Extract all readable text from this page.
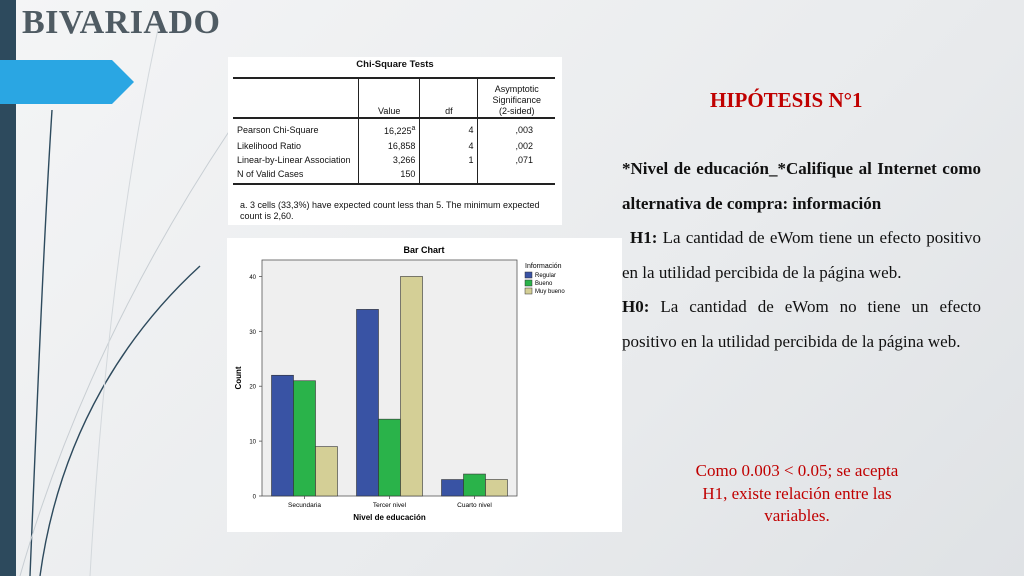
BIVARIADO
Chi-Square Tests
	Value	df	Asymptotic Significance (2-sided)
Pearson Chi-Square	16,225$^a$	4	,003
Likelihood Ratio	16,858	4	,002
Linear-by-Linear Association	3,266	1	,071
N of Valid Cases	150		
a. 3 cells (33,3%) have expected count less than 5. The minimum expected count is 2,60.
Bar Chart
0
10
20
30
40
Count
Secundaria	Tercer nivel	Cuarto nivel
Nivel de educación
Información
Regular
Bueno
Muy bueno
HIPÓTESIS N°1

*Nivel de educación_*Califique al Internet como alternativa de compra: información

H1: La cantidad de eWom tiene un efecto positivo en la utilidad percibida de la página web.

H0: La cantidad de eWom no tiene un efecto positivo en la utilidad percibida de la página web.

Como 0.003 < 0.05; se acepta H1, existe relación entre las variables.
